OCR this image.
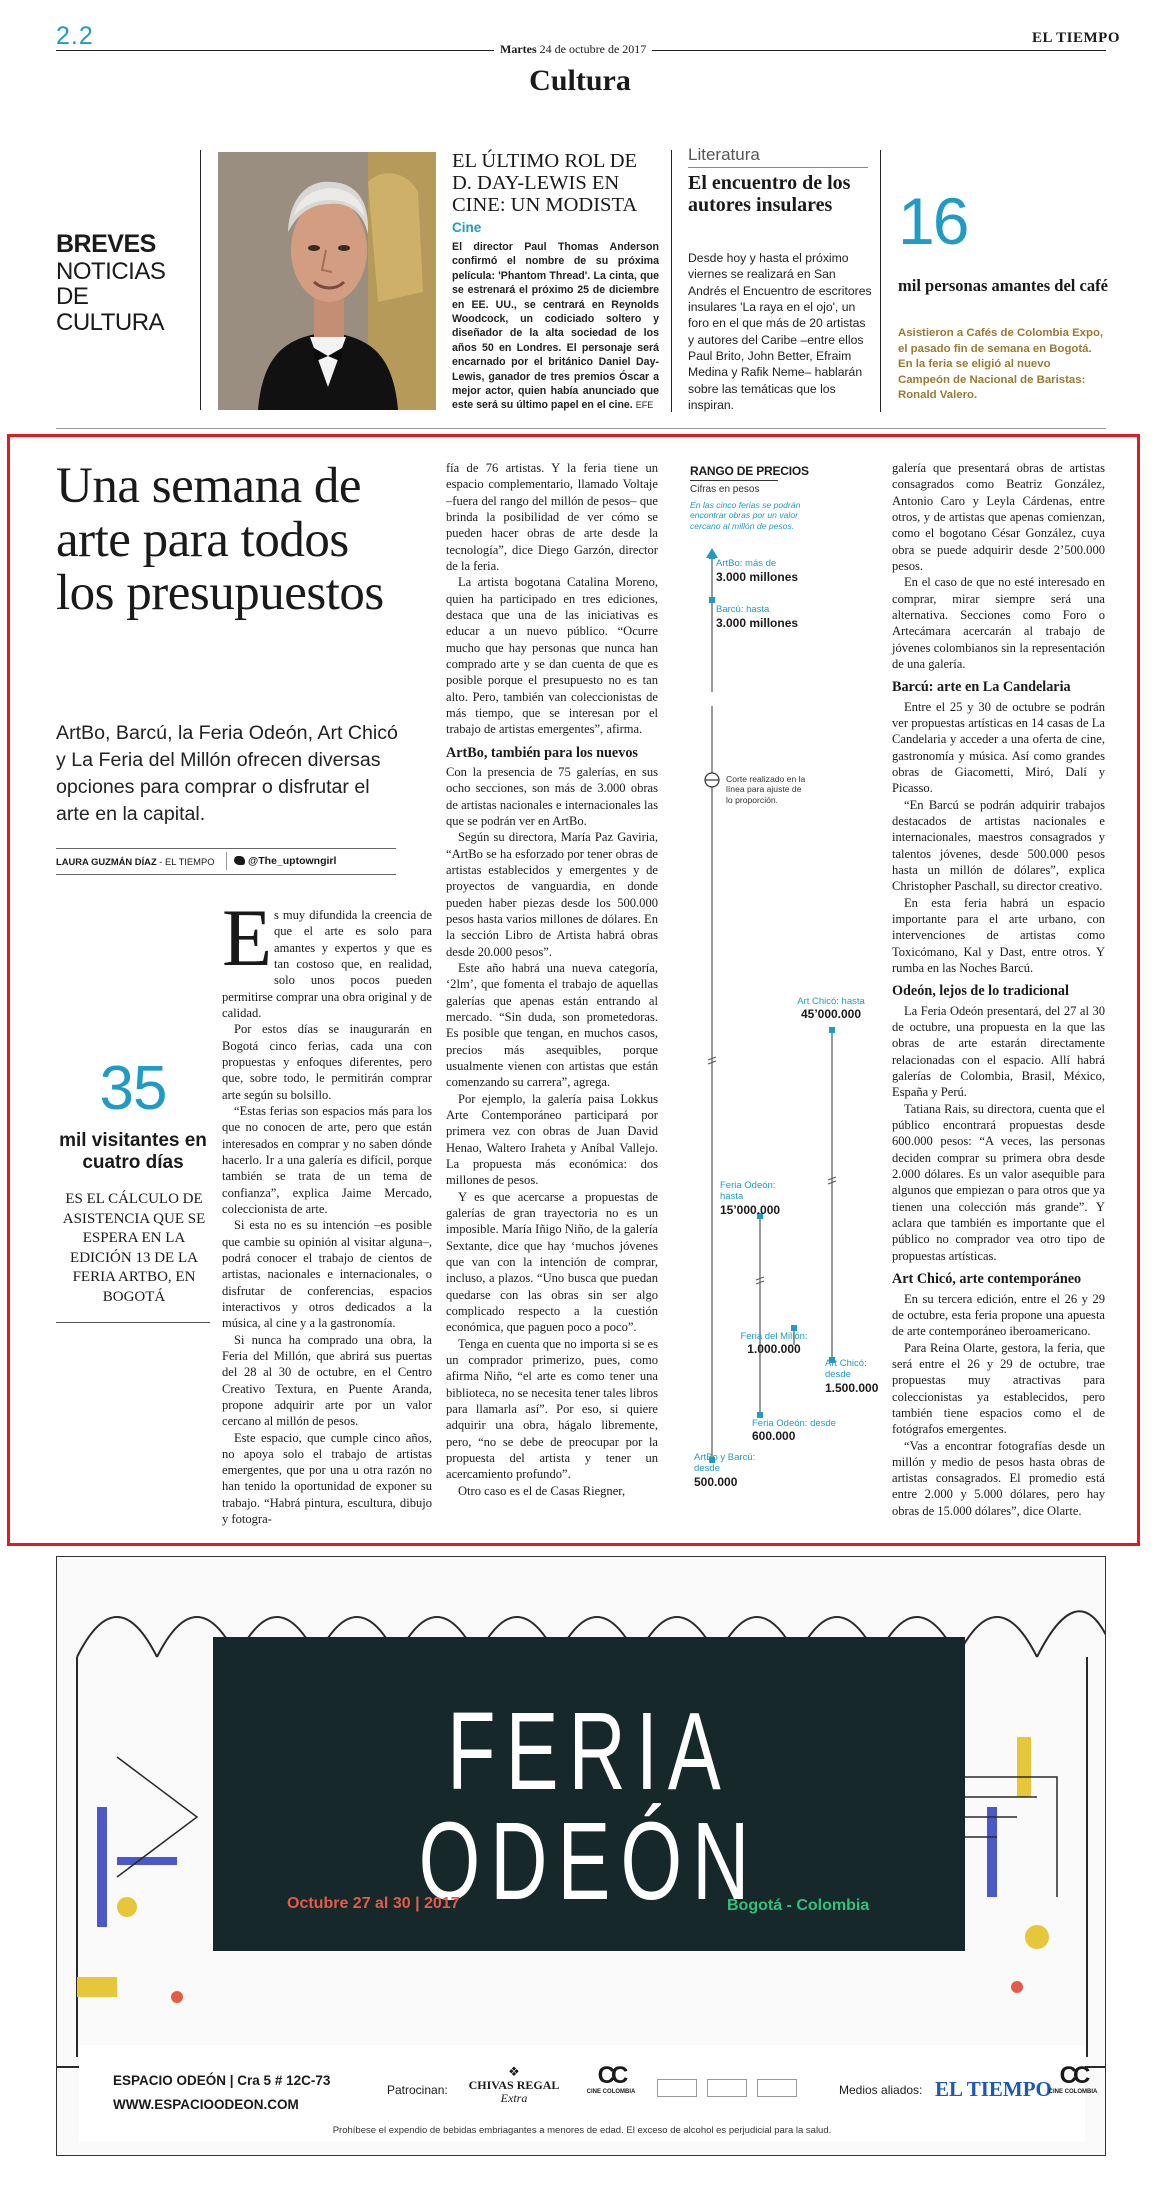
2.2	Martes 24 de octubre de 2017
EL TIEMPO
Cultura
BREVES
NOTICIAS DE CULTURA
EL ÚLTIMO ROL DE D. DAY-LEWIS EN CINE: UN MODISTA
Cine
El director Paul Thomas Anderson confirmó el nombre de su próxima película: 'Phantom Thread'. La cinta, que se estrenará el próximo 25 de diciembre en EE. UU., se centrará en Reynolds Woodcock, un codiciado soltero y diseñador de la alta sociedad de los años 50 en Londres. El personaje será encarnado por el británico Daniel Day-Lewis, ganador de tres premios Óscar a mejor actor, quien había anunciado que este será su último papel en el cine. EFE
Literatura
El encuentro de los autores insulares
Desde hoy y hasta el próximo viernes se realizará en San Andrés el Encuentro de escritores insulares 'La raya en el ojo', un foro en el que más de 20 artistas y autores del Caribe –entre ellos Paul Brito, John Better, Efraim Medina y Rafik Neme– hablarán sobre las temáticas que los inspiran.
16
mil personas amantes del café
Asistieron a Cafés de Colombia Expo, el pasado fin de semana en Bogotá. En la feria se eligió al nuevo Campeón de Nacional de Baristas: Ronald Valero.
Una semana de arte para todos los presupuestos
ArtBo, Barcú, la Feria Odeón, Art Chicó y La Feria del Millón ofrecen diversas opciones para comprar o disfrutar el arte en la capital.
LAURA GUZMÁN DÍAZ - EL TIEMPO	@The_uptowngirl
35
mil visitantes en cuatro días
ES EL CÁLCULO DE ASISTENCIA QUE SE ESPERA EN LA EDICIÓN 13 DE LA FERIA ARTBO, EN BOGOTÁ
E s muy difundida la creencia de que el arte es solo para amantes y expertos y que es tan costoso que, en realidad, solo unos pocos pueden permitirse comprar una obra original y de calidad.

Por estos días se inaugurarán en Bogotá cinco ferias, cada una con propuestas y enfoques diferentes, pero que, sobre todo, le permitirán comprar arte según su bolsillo.

“Estas ferias son espacios más para los que no conocen de arte, pero que están interesados en comprar y no saben dónde hacerlo. Ir a una galería es difícil, porque también se trata de un tema de confianza”, explica Jaime Mercado, coleccionista de arte.

Si esta no es su intención –es posible que cambie su opinión al visitar alguna–, podrá conocer el trabajo de cientos de artistas, nacionales e internacionales, o disfrutar de conferencias, espacios interactivos y otros dedicados a la música, al cine y a la gastronomía.

Si nunca ha comprado una obra, la Feria del Millón, que abrirá sus puertas del 28 al 30 de octubre, en el Centro Creativo Textura, en Puente Aranda, propone adquirir arte por un valor cercano al millón de pesos.

Este espacio, que cumple cinco años, no apoya solo el trabajo de artistas emergentes, que por una u otra razón no han tenido la oportunidad de exponer su trabajo. “Habrá pintura, escultura, dibujo y fotogra-

fía de 76 artistas. Y la feria tiene un espacio complementario, llamado Voltaje –fuera del rango del millón de pesos– que brinda la posibilidad de ver cómo se pueden hacer obras de arte desde la tecnología”, dice Diego Garzón, director de la feria.

La artista bogotana Catalina Moreno, quien ha participado en tres ediciones, destaca que una de las iniciativas es educar a un nuevo público. “Ocurre mucho que hay personas que nunca han comprado arte y se dan cuenta de que es posible porque el presupuesto no es tan alto. Pero, también van coleccionistas de más tiempo, que se interesan por el trabajo de artistas emergentes”, afirma.

ArtBo, también para los nuevos

Con la presencia de 75 galerías, en sus ocho secciones, son más de 3.000 obras de artistas nacionales e internacionales las que se podrán ver en ArtBo.

Según su directora, María Paz Gaviria, “ArtBo se ha esforzado por tener obras de artistas establecidos y emergentes y de proyectos de vanguardia, en donde pueden haber piezas desde los 500.000 pesos hasta varios millones de dólares. En la sección Libro de Artista habrá obras desde 20.000 pesos”.

Este año habrá una nueva categoría, ‘2lm’, que fomenta el trabajo de aquellas galerías que apenas están entrando al mercado. “Sin duda, son prometedoras. Es posible que tengan, en muchos casos, precios más asequibles, porque usualmente vienen con artistas que están comenzando su carrera”, agrega.

Por ejemplo, la galería paisa Lokkus Arte Contemporáneo participará por primera vez con obras de Juan David Henao, Waltero Iraheta y Aníbal Vallejo. La propuesta más económica: dos millones de pesos.

Y es que acercarse a propuestas de galerías de gran trayectoria no es un imposible. María Iñigo Niño, de la galería Sextante, dice que hay ‘muchos jóvenes que van con la intención de comprar, incluso, a plazos. “Uno busca que puedan quedarse con las obras sin ser algo complicado respecto a la cuestión económica, que paguen poco a poco”.

Tenga en cuenta que no importa si se es un comprador primerizo, pues, como afirma Niño, “el arte es como tener una biblioteca, no se necesita tener tales libros para llamarla así”. Por eso, si quiere adquirir una obra, hágalo libremente, pero, “no se debe de preocupar por la propuesta del artista y tener un acercamiento profundo”.

Otro caso es el de Casas Riegner,

RANGO DE PRECIOS
Cifras en pesos
En las cinco ferias se podrán encontrar obras por un valor cercano al millón de pesos.
ArtBo: más de
3.000 millones
Barcú: hasta
3.000 millones
Corte realizado en la línea para ajuste de lo proporción.
Art Chicó: hasta
45’000.000
Feria Odeón: hasta
15’000.000
Feria del Millón:
1.000.000
Art Chicó: desde
1.500.000
Feria Odeón: desde
600.000
ArtBo y Barcú: desde
500.000

galería que presentará obras de artistas consagrados como Beatriz González, Antonio Caro y Leyla Cárdenas, entre otros, y de artistas que apenas comienzan, como el bogotano César González, cuya obra se puede adquirir desde 2’500.000 pesos.

En el caso de que no esté interesado en comprar, mirar siempre será una alternativa. Secciones como Foro o Artecámara acercarán al trabajo de jóvenes colombianos sin la representación de una galería.

Barcú: arte en La Candelaria

Entre el 25 y 30 de octubre se podrán ver propuestas artísticas en 14 casas de La Candelaria y acceder a una oferta de cine, gastronomía y música. Así como grandes obras de Giacometti, Miró, Dalí y Picasso.

“En Barcú se podrán adquirir trabajos destacados de artistas nacionales e internacionales, maestros consagrados y talentos jóvenes, desde 500.000 pesos hasta un millón de dólares”, explica Christopher Paschall, su director creativo.

En esta feria habrá un espacio importante para el arte urbano, con intervenciones de artistas como Toxicómano, Kal y Dast, entre otros. Y rumba en las Noches Barcú.

Odeón, lejos de lo tradicional

La Feria Odeón presentará, del 27 al 30 de octubre, una propuesta en la que las obras de arte estarán directamente relacionadas con el espacio. Allí habrá galerías de Colombia, Brasil, México, España y Perú.

Tatiana Rais, su directora, cuenta que el público encontrará propuestas desde 600.000 pesos: “A veces, las personas deciden comprar su primera obra desde 2.000 dólares. Es un valor asequible para algunos que empiezan o para otros que ya tienen una colección más grande”. Y aclara que también es importante que el público no comprador vea otro tipo de propuestas artísticas.

Art Chicó, arte contemporáneo

En su tercera edición, entre el 26 y 29 de octubre, esta feria propone una apuesta de arte contemporáneo iberoamericano.

Para Reina Olarte, gestora, la feria, que será entre el 26 y 29 de octubre, trae propuestas muy atractivas para coleccionistas ya establecidos, pero también tiene espacios como el de fotógrafos emergentes.

“Vas a encontrar fotografías desde un millón y medio de pesos hasta obras de artistas consagrados. El promedio está entre 2.000 y 5.000 dólares, pero hay obras de 15.000 dólares”, dice Olarte.

FERIA ODEÓN
Octubre 27 al 30 | 2017	Bogotá - Colombia
ESPACIO ODEÓN | Cra 5 # 12C-73
WWW.ESPACIOODEON.COM
Patrocinan:
❖
CHIVAS REGAL
Extra
CC
CINE COLOMBIA
	Medios aliados: EL TIEMPO CC
CINE COLOMBIA
Prohíbese el expendio de bebidas embriagantes a menores de edad. El exceso de alcohol es perjudicial para la salud.
